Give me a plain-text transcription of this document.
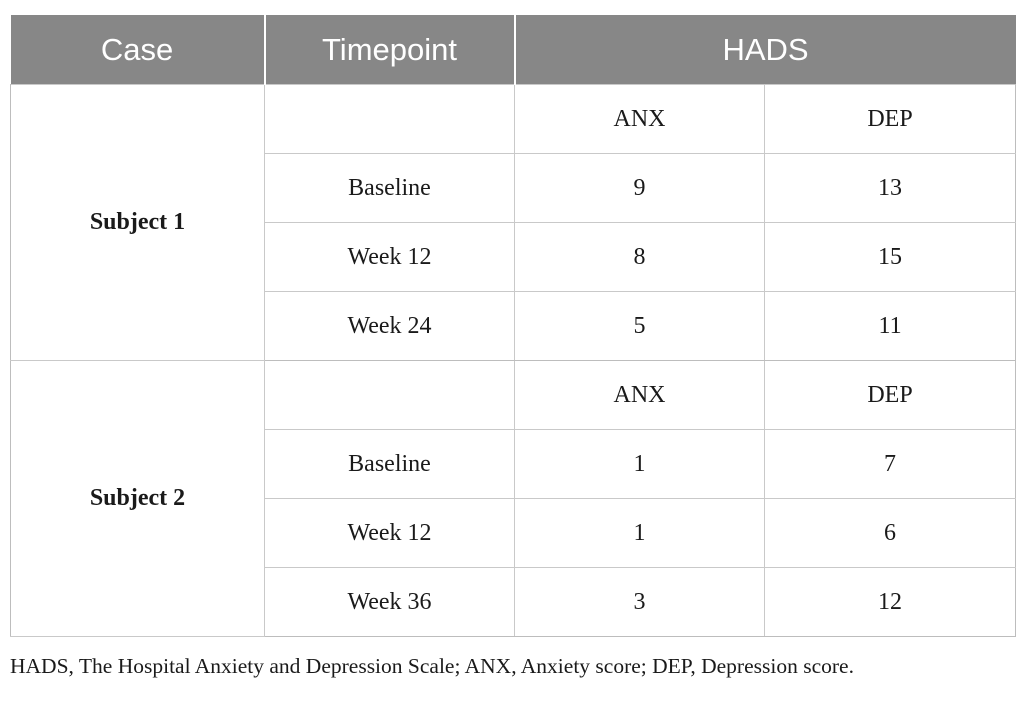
Case	Timepoint	HADS	
Subject 1		ANX	DEP
	Baseline	9	13
	Week 12	8	15
	Week 24	5	11
Subject 2		ANX	DEP
	Baseline	1	7
	Week 12	1	6
	Week 36	3	12
HADS, The Hospital Anxiety and Depression Scale; ANX, Anxiety score; DEP, Depression score.
